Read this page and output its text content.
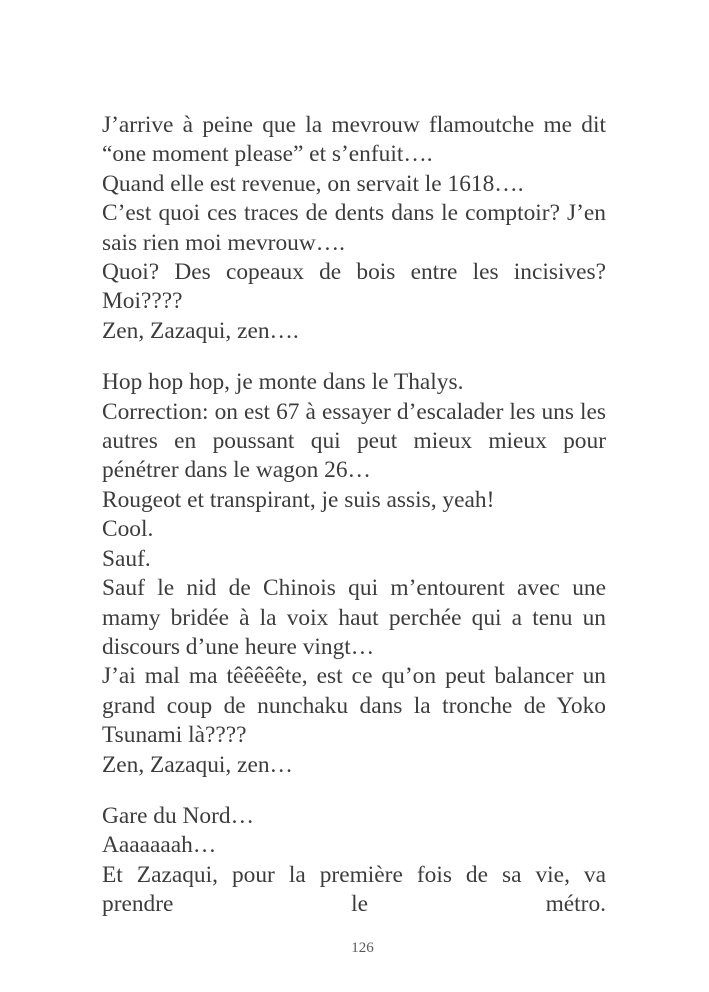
J’arrive à peine que la mevrouw flamoutche me dit “one moment please” et s’enfuit….

Quand elle est revenue, on servait le 1618….

C’est quoi ces traces de dents dans le comptoir? J’en sais rien moi mevrouw….

Quoi? Des copeaux de bois entre les incisives? Moi????

Zen, Zazaqui, zen….

Hop hop hop, je monte dans le Thalys.

Correction: on est 67 à essayer d’escalader les uns les autres en poussant qui peut mieux mieux pour pénétrer dans le wagon 26…

Rougeot et transpirant, je suis assis, yeah!

Cool.

Sauf.

Sauf le nid de Chinois qui m’entourent avec une mamy bridée à la voix haut perchée qui a tenu un discours d’une heure vingt…

J’ai mal ma têêêêête, est ce qu’on peut balancer un grand coup de nunchaku dans la tronche de Yoko Tsunami là????

Zen, Zazaqui, zen…

Gare du Nord…

Aaaaaaah…

Et Zazaqui, pour la première fois de sa vie, va prendre le métro.

126
